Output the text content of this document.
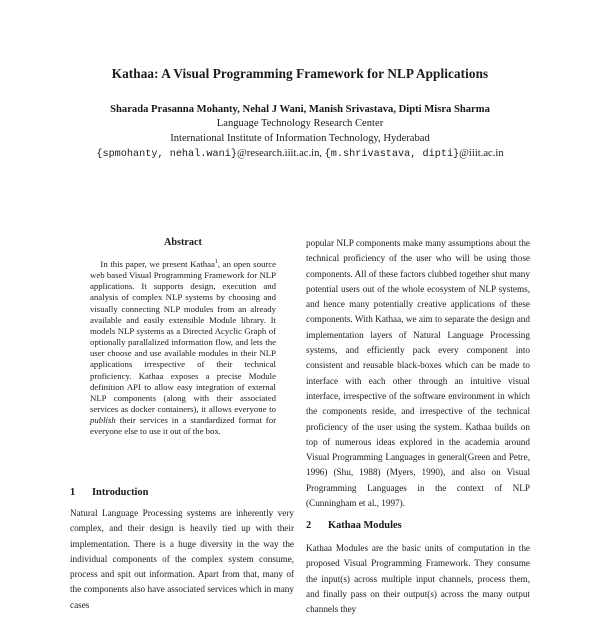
Kathaa: A Visual Programming Framework for NLP Applications
Sharada Prasanna Mohanty, Nehal J Wani, Manish Srivastava, Dipti Misra Sharma
Language Technology Research Center
International Institute of Information Technology, Hyderabad
{spmohanty, nehal.wani}@research.iiit.ac.in, {m.shrivastava, dipti}@iiit.ac.in
Abstract
In this paper, we present Kathaa$^1$, an open source web based Visual Programming Framework for NLP applications. It supports design, execution and analysis of complex NLP systems by choosing and visually connecting NLP modules from an already available and easily extensible Module library. It models NLP systems as a Directed Acyclic Graph of optionally parallalized information flow, and lets the user choose and use available modules in their NLP applications irrespective of their technical proficiency. Kathaa exposes a precise Module definition API to allow easy integration of external NLP components (along with their associated services as docker containers), it allows everyone to publish their services in a standardized format for everyone else to use it out of the box.
1 Introduction
Natural Language Processing systems are inherently very complex, and their design is heavily tied up with their implementation. There is a huge diversity in the way the individual components of the complex system consume, process and spit out information. Apart from that, many of the components also have associated services which in many cases
popular NLP components make many assumptions about the technical proficiency of the user who will be using those components. All of these factors clubbed together shut many potential users out of the whole ecosystem of NLP systems, and hence many potentially creative applications of these components. With Kathaa, we aim to separate the design and implementation layers of Natural Language Processing systems, and efficiently pack every component into consistent and reusable black-boxes which can be made to interface with each other through an intuitive visual interface, irrespective of the software environment in which the components reside, and irrespective of the technical proficiency of the user using the system. Kathaa builds on top of numerous ideas explored in the academia around Visual Programming Languages in general(Green and Petre, 1996) (Shu, 1988) (Myers, 1990), and also on Visual Programming Languages in the context of NLP (Cunningham et al., 1997).
2 Kathaa Modules
Kathaa Modules are the basic units of computation in the proposed Visual Programming Framework. They consume the input(s) across multiple input channels, process them, and finally pass on their output(s) across the many output channels they
